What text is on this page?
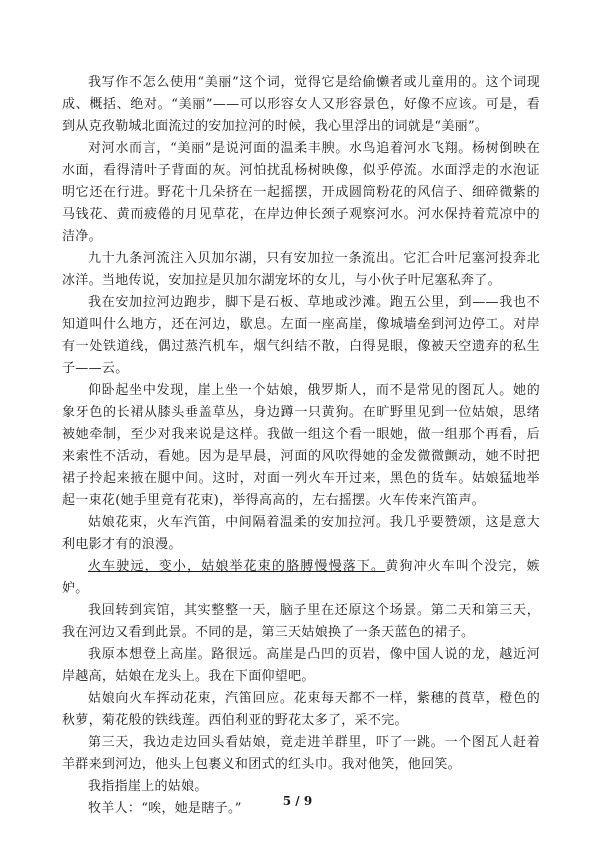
我写作不怎么使用“美丽”这个词，觉得它是给偷懒者或儿童用的。这个词现成、概括、绝对。“美丽”——可以形容女人又形容景色，好像不应该。可是，看到从克孜勒城北面流过的安加拉河的时候，我心里浮出的词就是“美丽”。

对河水而言，“美丽”是说河面的温柔丰腴。水鸟追着河水飞翔。杨树倒映在水面，看得清叶子背面的灰。河怕扰乱杨树映像，似乎停流。水面浮走的水泡证明它还在行进。野花十几朵挤在一起摇摆，开成圆筒粉花的风信子、细碎微紫的马钱花、黄而疲倦的月见草花，在岸边伸长颈子观察河水。河水保持着荒凉中的洁净。

九十九条河流注入贝加尔湖，只有安加拉一条流出。它汇合叶尼塞河投奔北冰洋。当地传说，安加拉是贝加尔湖宠坏的女儿，与小伙子叶尼塞私奔了。

我在安加拉河边跑步，脚下是石板、草地或沙滩。跑五公里，到——我也不知道叫什么地方，还在河边，歇息。左面一座高崖，像城墙垒到河边停工。对岸有一处铁道线，偶过蒸汽机车，烟气纠结不散，白得晃眼，像被天空遗弃的私生子——云。

仰卧起坐中发现，崖上坐一个姑娘，俄罗斯人，而不是常见的图瓦人。她的象牙色的长裙从膝头垂盖草丛，身边蹲一只黄狗。在旷野里见到一位姑娘，思绪被她牵制，至少对我来说是这样。我做一组这个看一眼她，做一组那个再看，后来索性不活动，看她。因为是早晨，河面的风吹得她的金发微微颤动，她不时把裙子拎起来掖在腿中间。这时，对面一列火车开过来，黑色的货车。姑娘猛地举起一束花(她手里竟有花束)，举得高高的，左右摇摆。火车传来汽笛声。

姑娘花束，火车汽笛，中间隔着温柔的安加拉河。我几乎要赞颂，这是意大利电影才有的浪漫。

火车驶远，变小，姑娘举花束的胳膊慢慢落下。黄狗冲火车叫个没完，嫉妒。

我回转到宾馆，其实整整一天，脑子里在还原这个场景。第二天和第三天，我在河边又看到此景。不同的是，第三天姑娘换了一条天蓝色的裙子。

我原本想登上高崖。路很远。高崖是凸凹的页岩，像中国人说的龙，越近河岸越高，姑娘在龙头上。我在下面仰望吧。

姑娘向火车挥动花束，汽笛回应。花束每天都不一样，紫穗的莨草，橙色的秋萝，菊花般的铁线莲。西伯利亚的野花太多了，采不完。

第三天，我边走边回头看姑娘，竟走进羊群里，吓了一跳。一个图瓦人赶着羊群来到河边，他头上包裹义和团式的红头巾。我对他笑，他回笑。

我指指崖上的姑娘。

牧羊人：“唉，她是瞎子。”	5 / 9
